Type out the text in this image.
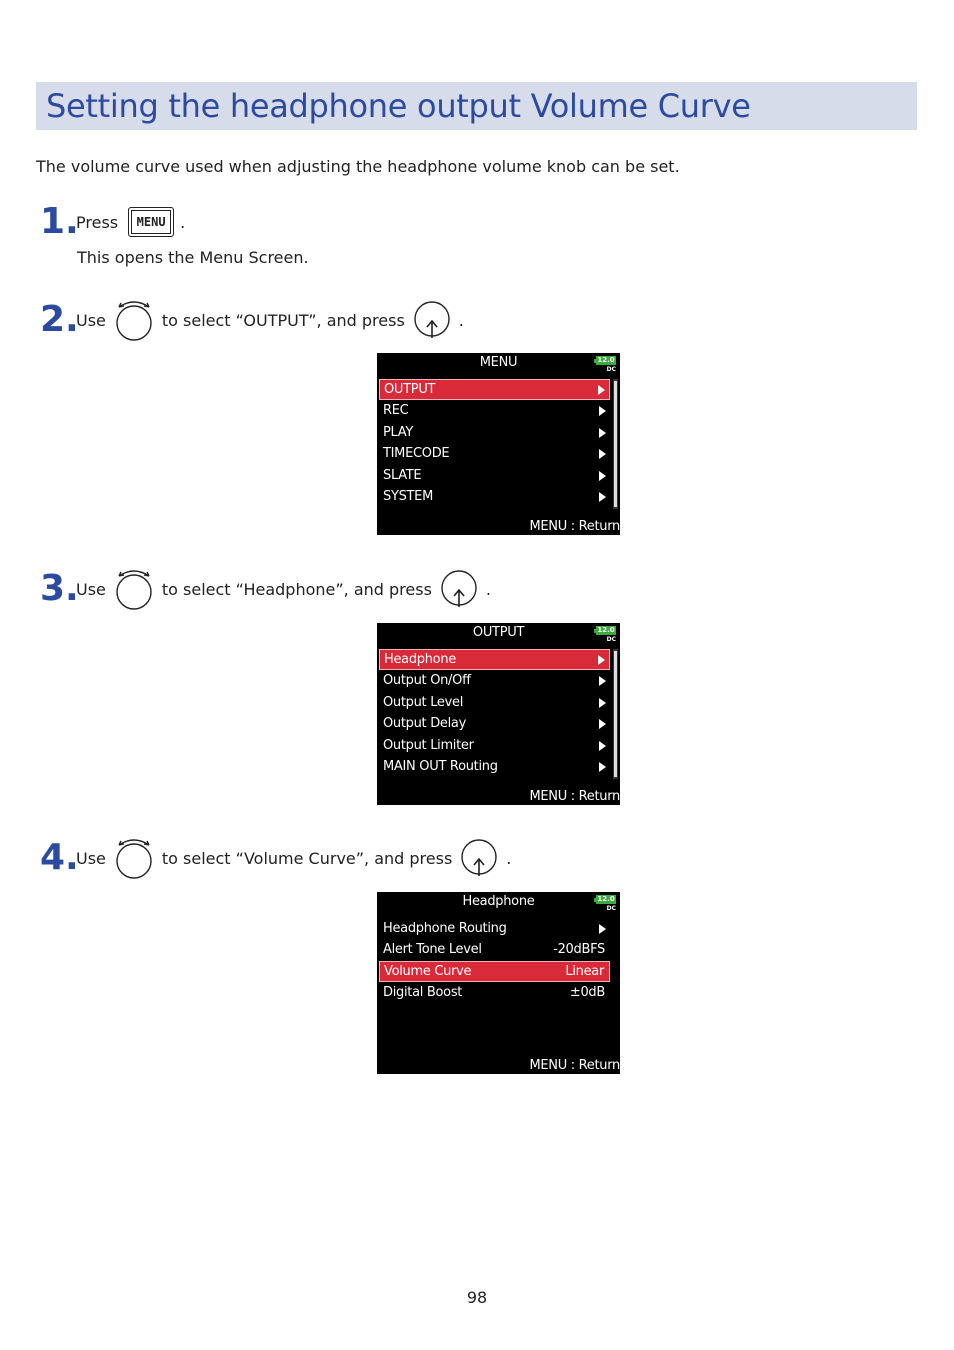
Setting the headphone output Volume Curve
The volume curve used when adjusting the headphone volume knob can be set.
1.
Press	MENU .
This opens the Menu Screen.
2.
Use	to select “OUTPUT”, and press	.
MENU	12.0
DC
OUTPUT
REC
PLAY
TIMECODE
SLATE
SYSTEM
MENU : Return
3.
Use	to select “Headphone”, and press	.
OUTPUT	12.0
DC
Headphone
Output On/Off
Output Level
Output Delay
Output Limiter
MAIN OUT Routing
MENU : Return
4.
Use	to select “Volume Curve”, and press	.
Headphone	12.0
DC
Headphone Routing
Alert Tone Level	-20dBFS
Volume Curve	Linear
Digital Boost	±0dB
MENU : Return
98
